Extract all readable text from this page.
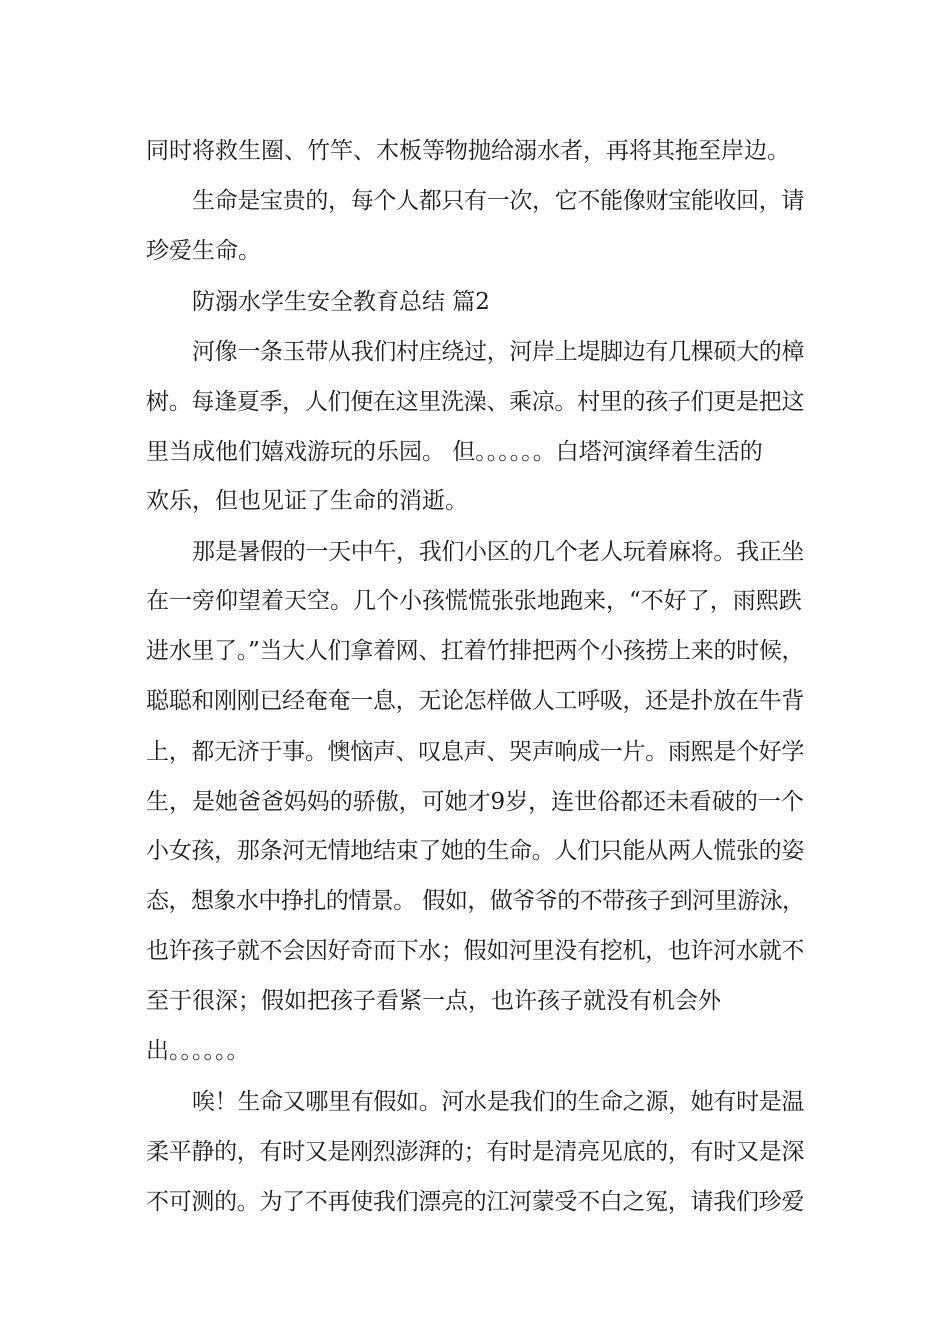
同时将救生圈、竹竿、木板等物抛给溺水者，再将其拖至岸边。
生命是宝贵的，每个人都只有一次，它不能像财宝能收回，请
珍爱生命。
防溺水学生安全教育总结 篇2
河像一条玉带从我们村庄绕过，河岸上堤脚边有几棵硕大的樟
树。每逢夏季，人们便在这里洗澡、乘凉。村里的孩子们更是把这
里当成他们嬉戏游玩的乐园。 但。。。。。。白塔河演绎着生活的
欢乐，但也见证了生命的消逝。
那是暑假的一天中午，我们小区的几个老人玩着麻将。我正坐
在一旁仰望着天空。几个小孩慌慌张张地跑来，“不好了，雨熙跌
进水里了。”当大人们拿着网、扛着竹排把两个小孩捞上来的时候，
聪聪和刚刚已经奄奄一息，无论怎样做人工呼吸，还是扑放在牛背
上，都无济于事。懊恼声、叹息声、哭声响成一片。雨熙是个好学
生，是她爸爸妈妈的骄傲，可她才9岁，连世俗都还未看破的一个
小女孩，那条河无情地结束了她的生命。人们只能从两人慌张的姿
态，想象水中挣扎的情景。 假如，做爷爷的不带孩子到河里游泳，
也许孩子就不会因好奇而下水；假如河里没有挖机，也许河水就不
至于很深；假如把孩子看紧一点，也许孩子就没有机会外
出。。。。。。
唉！生命又哪里有假如。河水是我们的生命之源，她有时是温
柔平静的，有时又是刚烈澎湃的；有时是清亮见底的，有时又是深
不可测的。为了不再使我们漂亮的江河蒙受不白之冤，请我们珍爱
